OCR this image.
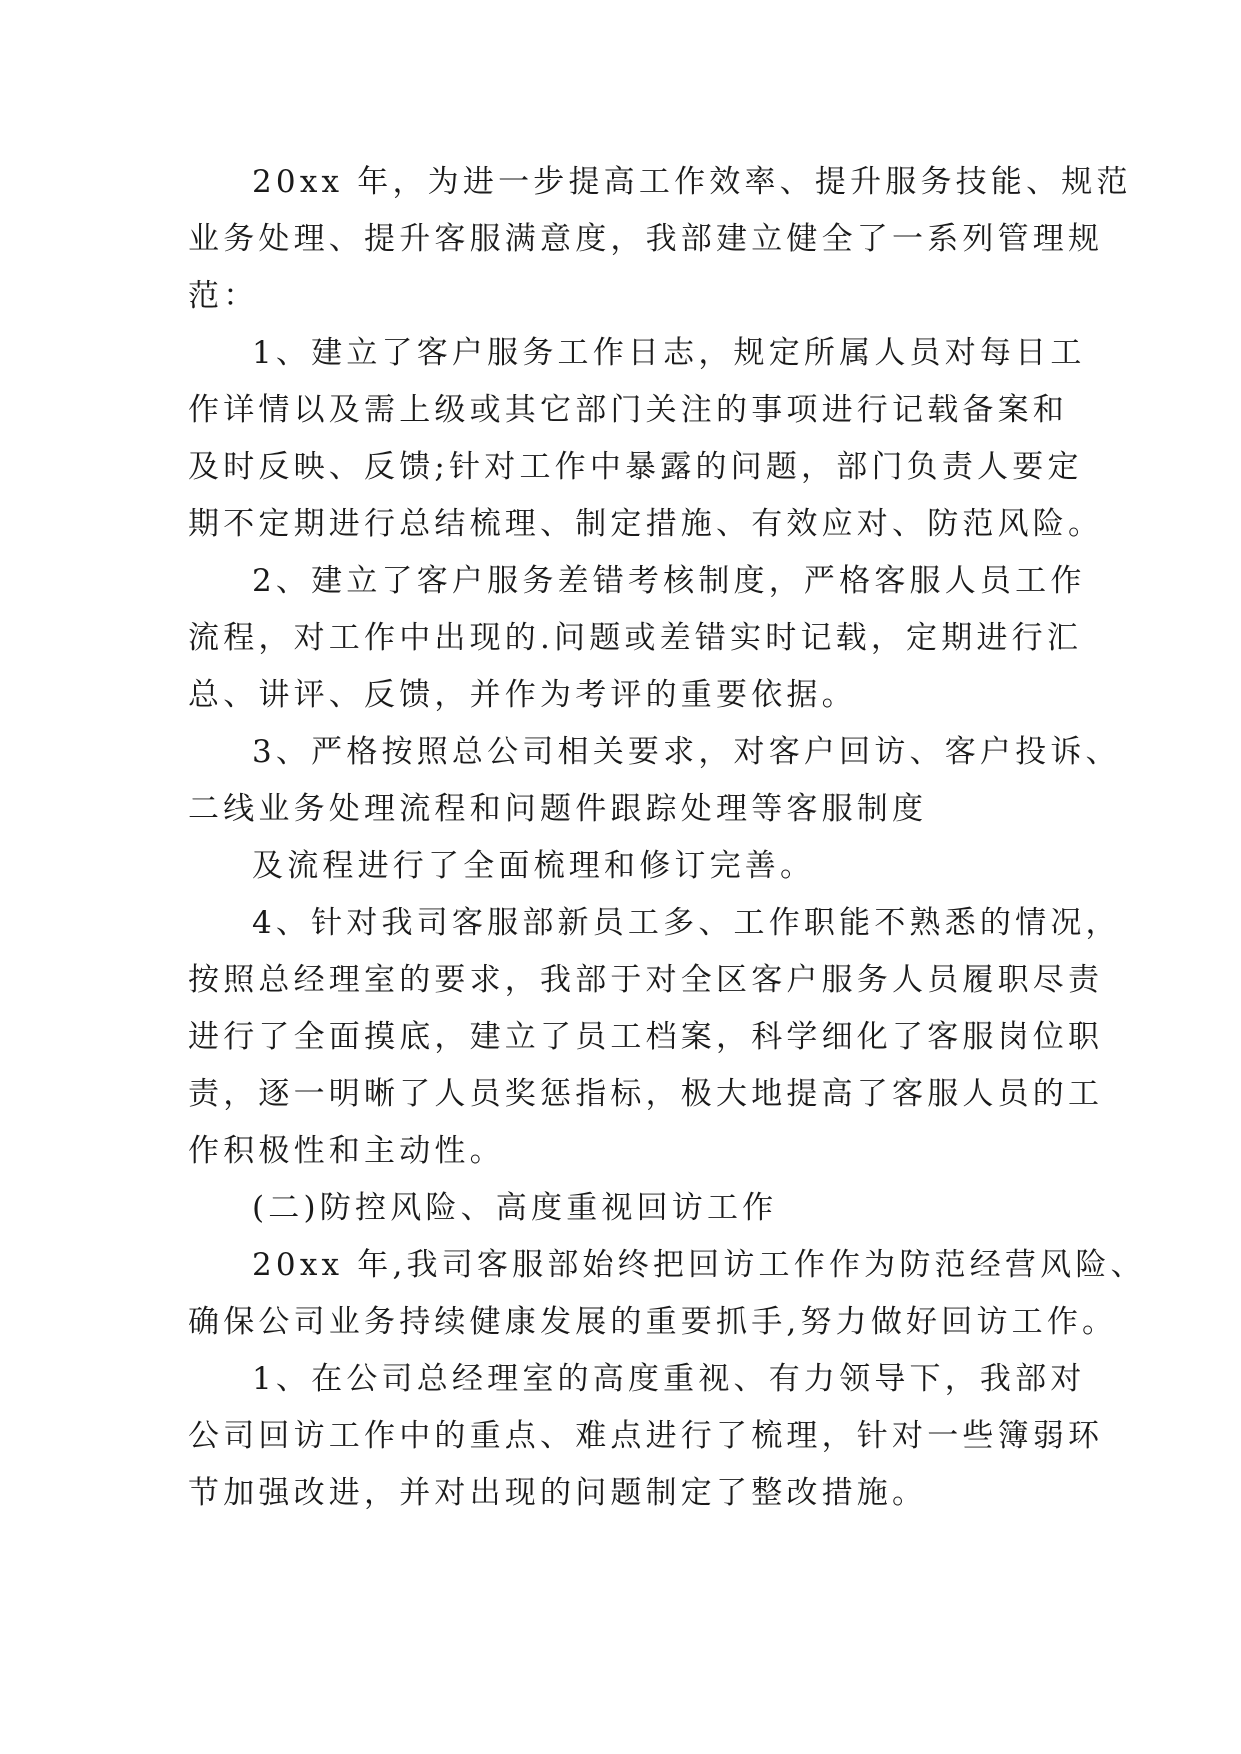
20xx 年，为进一步提高工作效率、提升服务技能、规范
业务处理、提升客服满意度，我部建立健全了一系列管理规
范：
1、建立了客户服务工作日志，规定所属人员对每日工
作详情以及需上级或其它部门关注的事项进行记载备案和
及时反映、反馈;针对工作中暴露的问题，部门负责人要定
期不定期进行总结梳理、制定措施、有效应对、防范风险。
2、建立了客户服务差错考核制度，严格客服人员工作
流程，对工作中出现的.问题或差错实时记载，定期进行汇
总、讲评、反馈，并作为考评的重要依据。
3、严格按照总公司相关要求，对客户回访、客户投诉、
二线业务处理流程和问题件跟踪处理等客服制度
及流程进行了全面梳理和修订完善。
4、针对我司客服部新员工多、工作职能不熟悉的情况，
按照总经理室的要求，我部于对全区客户服务人员履职尽责
进行了全面摸底，建立了员工档案，科学细化了客服岗位职
责，逐一明晰了人员奖惩指标，极大地提高了客服人员的工
作积极性和主动性。
(二)防控风险、高度重视回访工作
20xx 年,我司客服部始终把回访工作作为防范经营风险、
确保公司业务持续健康发展的重要抓手,努力做好回访工作。
1、在公司总经理室的高度重视、有力领导下，我部对
公司回访工作中的重点、难点进行了梳理，针对一些簿弱环
节加强改进，并对出现的问题制定了整改措施。
